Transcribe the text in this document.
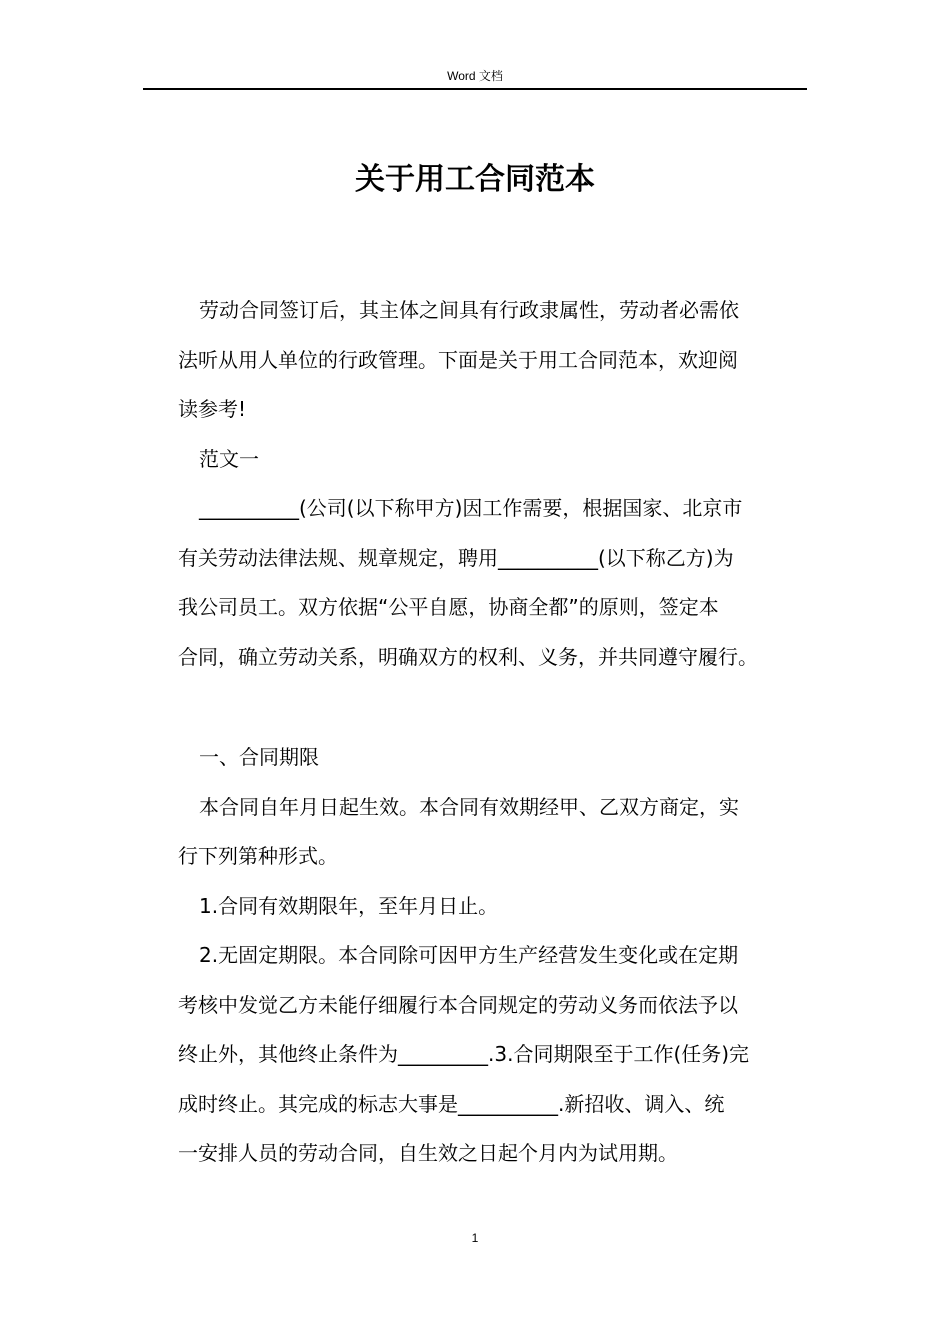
Word 文档
关于用工合同范本

劳动合同签订后，其主体之间具有行政隶属性，劳动者必需依

法听从用人单位的行政管理。下面是关于用工合同范本，欢迎阅

读参考!

范文一

__________(公司(以下称甲方)因工作需要，根据国家、北京市

有关劳动法律法规、规章规定，聘用__________(以下称乙方)为

我公司员工。双方依据“公平自愿，协商全都”的原则，签定本

合同，确立劳动关系，明确双方的权利、义务，并共同遵守履行。

一、合同期限

本合同自年月日起生效。本合同有效期经甲、乙双方商定，实

行下列第种形式。

1.合同有效期限年，至年月日止。

2.无固定期限。本合同除可因甲方生产经营发生变化或在定期

考核中发觉乙方未能仔细履行本合同规定的劳动义务而依法予以

终止外，其他终止条件为_________.3.合同期限至于工作(任务)完

成时终止。其完成的标志大事是__________.新招收、调入、统

一安排人员的劳动合同，自生效之日起个月内为试用期。

1
